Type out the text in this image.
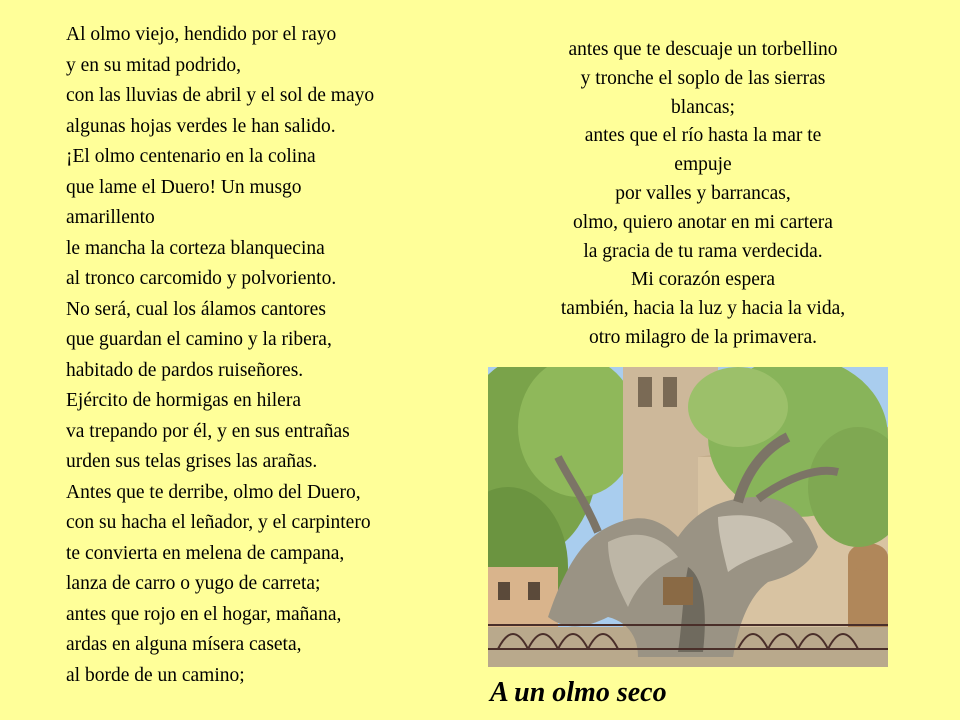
Al olmo viejo, hendido por el rayo
y en su mitad podrido,
con las lluvias de abril y el sol de mayo
algunas hojas verdes le han salido.
¡El olmo centenario en la colina
que lame el Duero! Un musgo
amarillento
le mancha la corteza blanquecina
al tronco carcomido y polvoriento.
No será, cual los álamos cantores
que guardan el camino y la ribera,
habitado de pardos ruiseñores.
Ejército de hormigas en hilera
va trepando por él, y en sus entrañas
urden sus telas grises las arañas.
Antes que te derribe, olmo del Duero,
con su hacha el leñador, y el carpintero
te convierta en melena de campana,
lanza de carro o yugo de carreta;
antes que rojo en el hogar, mañana,
ardas en alguna mísera caseta,
al borde de un camino;
antes que te descuaje un torbellino
y tronche el soplo de las sierras
blancas;
antes que el río hasta la mar te
empuje
por valles y barrancas,
olmo, quiero anotar en mi cartera
la gracia de tu rama verdecida.
Mi corazón espera
también, hacia la luz y hacia la vida,
otro milagro de la primavera.
A un olmo seco
